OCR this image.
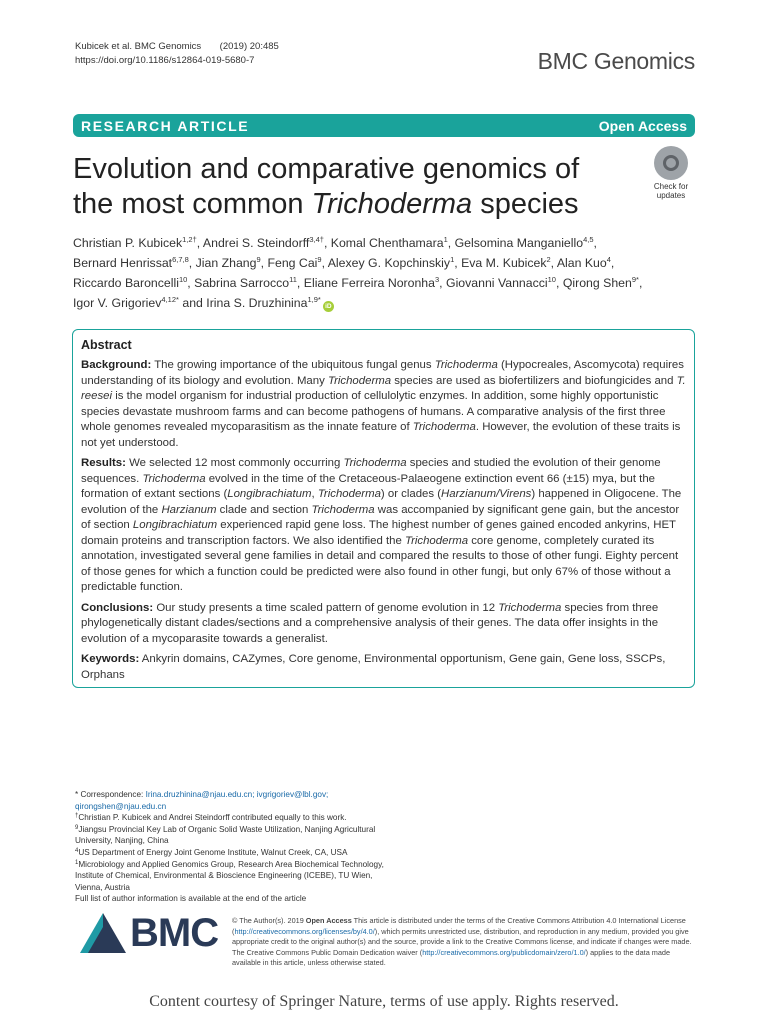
Kubicek et al. BMC Genomics (2019) 20:485
https://doi.org/10.1186/s12864-019-5680-7	BMC Genomics
RESEARCH ARTICLE	Open Access
Evolution and comparative genomics of the most common Trichoderma species
Check for
updates
Christian P. Kubicek$^{1,2\dagger}$, Andrei S. Steindorff$^{3,4\dagger}$, Komal Chenthamara$^1$, Gelsomina Manganiello$^{4,5}$,
Bernard Henrissat$^{6,7,8}$, Jian Zhang$^9$, Feng Cai$^9$, Alexey G. Kopchinskiy$^1$, Eva M. Kubicek$^2$, Alan Kuo$^4$,
Riccardo Baroncelli$^{10}$, Sabrina Sarrocco$^{11}$, Eliane Ferreira Noronha$^3$, Giovanni Vannacci$^{10}$, Qirong Shen$^{9*}$,
Igor V. Grigoriev$^{4,12*}$ and Irina S. Druzhinina$^{1,9*}$iD
Abstract

Background: The growing importance of the ubiquitous fungal genus Trichoderma (Hypocreales, Ascomycota) requires understanding of its biology and evolution. Many Trichoderma species are used as biofertilizers and biofungicides and T. reesei is the model organism for industrial production of cellulolytic enzymes. In addition, some highly opportunistic species devastate mushroom farms and can become pathogens of humans. A comparative analysis of the first three whole genomes revealed mycoparasitism as the innate feature of Trichoderma. However, the evolution of these traits is not yet understood.

Results: We selected 12 most commonly occurring Trichoderma species and studied the evolution of their genome sequences. Trichoderma evolved in the time of the Cretaceous-Palaeogene extinction event 66 (±15) mya, but the formation of extant sections (Longibrachiatum, Trichoderma) or clades (Harzianum/Virens) happened in Oligocene. The evolution of the Harzianum clade and section Trichoderma was accompanied by significant gene gain, but the ancestor of section Longibrachiatum experienced rapid gene loss. The highest number of genes gained encoded ankyrins, HET domain proteins and transcription factors. We also identified the Trichoderma core genome, completely curated its annotation, investigated several gene families in detail and compared the results to those of other fungi. Eighty percent of those genes for which a function could be predicted were also found in other fungi, but only 67% of those without a predictable function.

Conclusions: Our study presents a time scaled pattern of genome evolution in 12 Trichoderma species from three phylogenetically distant clades/sections and a comprehensive analysis of their genes. The data offer insights in the evolution of a mycoparasite towards a generalist.

Keywords: Ankyrin domains, CAZymes, Core genome, Environmental opportunism, Gene gain, Gene loss, SSCPs, Orphans

* Correspondence: Irina.druzhinina@njau.edu.cn; ivgrigoriev@lbl.gov; qirongshen@njau.edu.cn
†Christian P. Kubicek and Andrei Steindorff contributed equally to this work.
$^9$Jiangsu Provincial Key Lab of Organic Solid Waste Utilization, Nanjing Agricultural University, Nanjing, China
$^4$US Department of Energy Joint Genome Institute, Walnut Creek, CA, USA
$^1$Microbiology and Applied Genomics Group, Research Area Biochemical Technology, Institute of Chemical, Environmental & Bioscience Engineering (ICEBE), TU Wien, Vienna, Austria
Full list of author information is available at the end of the article
BMC © The Author(s). 2019 Open Access This article is distributed under the terms of the Creative Commons Attribution 4.0 International License (http://creativecommons.org/licenses/by/4.0/), which permits unrestricted use, distribution, and reproduction in any medium, provided you give appropriate credit to the original author(s) and the source, provide a link to the Creative Commons license, and indicate if changes were made. The Creative Commons Public Domain Dedication waiver (http://creativecommons.org/publicdomain/zero/1.0/) applies to the data made available in this article, unless otherwise stated.
Content courtesy of Springer Nature, terms of use apply. Rights reserved.
